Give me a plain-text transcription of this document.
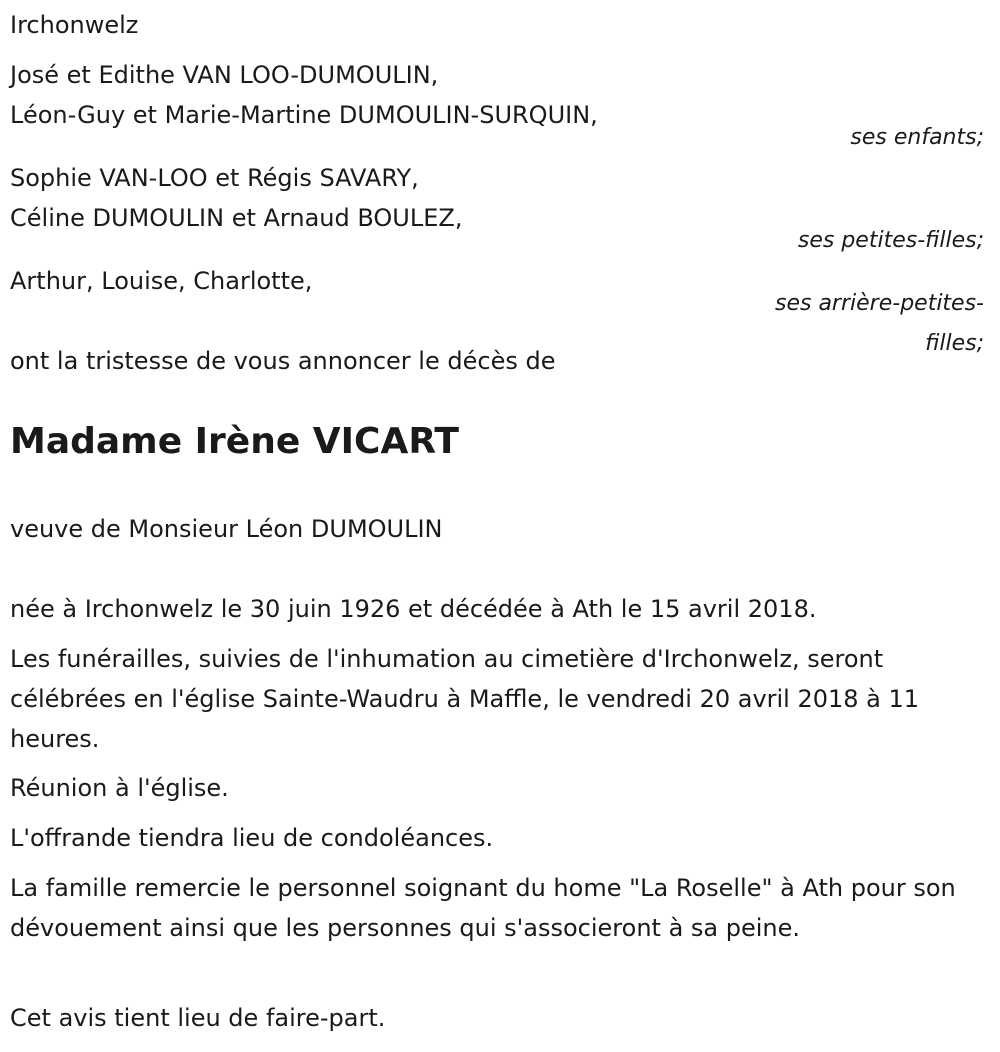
Irchonwelz
José et Edithe VAN LOO-DUMOULIN,
Léon-Guy et Marie-Martine DUMOULIN-SURQUIN,
ses enfants;
Sophie VAN-LOO et Régis SAVARY,
Céline DUMOULIN et Arnaud BOULEZ,
ses petites-filles;
Arthur, Louise, Charlotte,
ses arrière-petites-
filles;
ont la tristesse de vous annoncer le décès de
Madame Irène VICART
veuve de Monsieur Léon DUMOULIN
née à Irchonwelz le 30 juin 1926 et décédée à Ath le 15 avril 2018.
Les funérailles, suivies de l'inhumation au cimetière d'Irchonwelz, seront célébrées en l'église Sainte-Waudru à Maffle, le vendredi 20 avril 2018 à 11 heures.
Réunion à l'église.
L'offrande tiendra lieu de condoléances.
La famille remercie le personnel soignant du home "La Roselle" à Ath pour son dévouement ainsi que les personnes qui s'associeront à sa peine.
Cet avis tient lieu de faire-part.
